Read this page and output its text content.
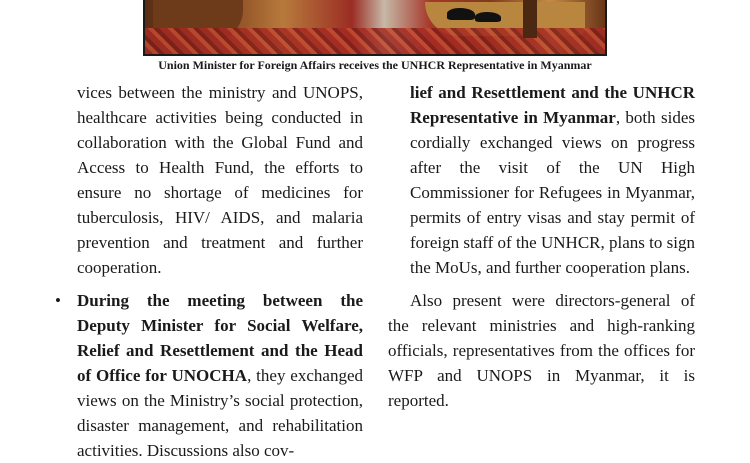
Union Minister for Foreign Affairs receives the UNHCR Representative in Myanmar

vices between the ministry and UNOPS, healthcare activities being conducted in collaboration with the Global Fund and Access to Health Fund, the efforts to ensure no shortage of medicines for tuberculosis, HIV/ AIDS, and malaria prevention and treatment and further cooperation.

• During the meeting between the Deputy Minister for Social Welfare, Relief and Resettlement and the Head of Office for UNOCHA, they exchanged views on the Ministry’s social protection, disaster management, and rehabilitation activities. Discussions also cov-

lief and Resettlement and the UNHCR Representative in Myanmar, both sides cordially exchanged views on progress after the visit of the UN High Commissioner for Refugees in Myanmar, permits of entry visas and stay permit of foreign staff of the UNHCR, plans to sign the MoUs, and further cooperation plans.

Also present were directors-general of the relevant ministries and high-ranking officials, representatives from the offices for WFP and UNOPS in Myanmar, it is reported.
